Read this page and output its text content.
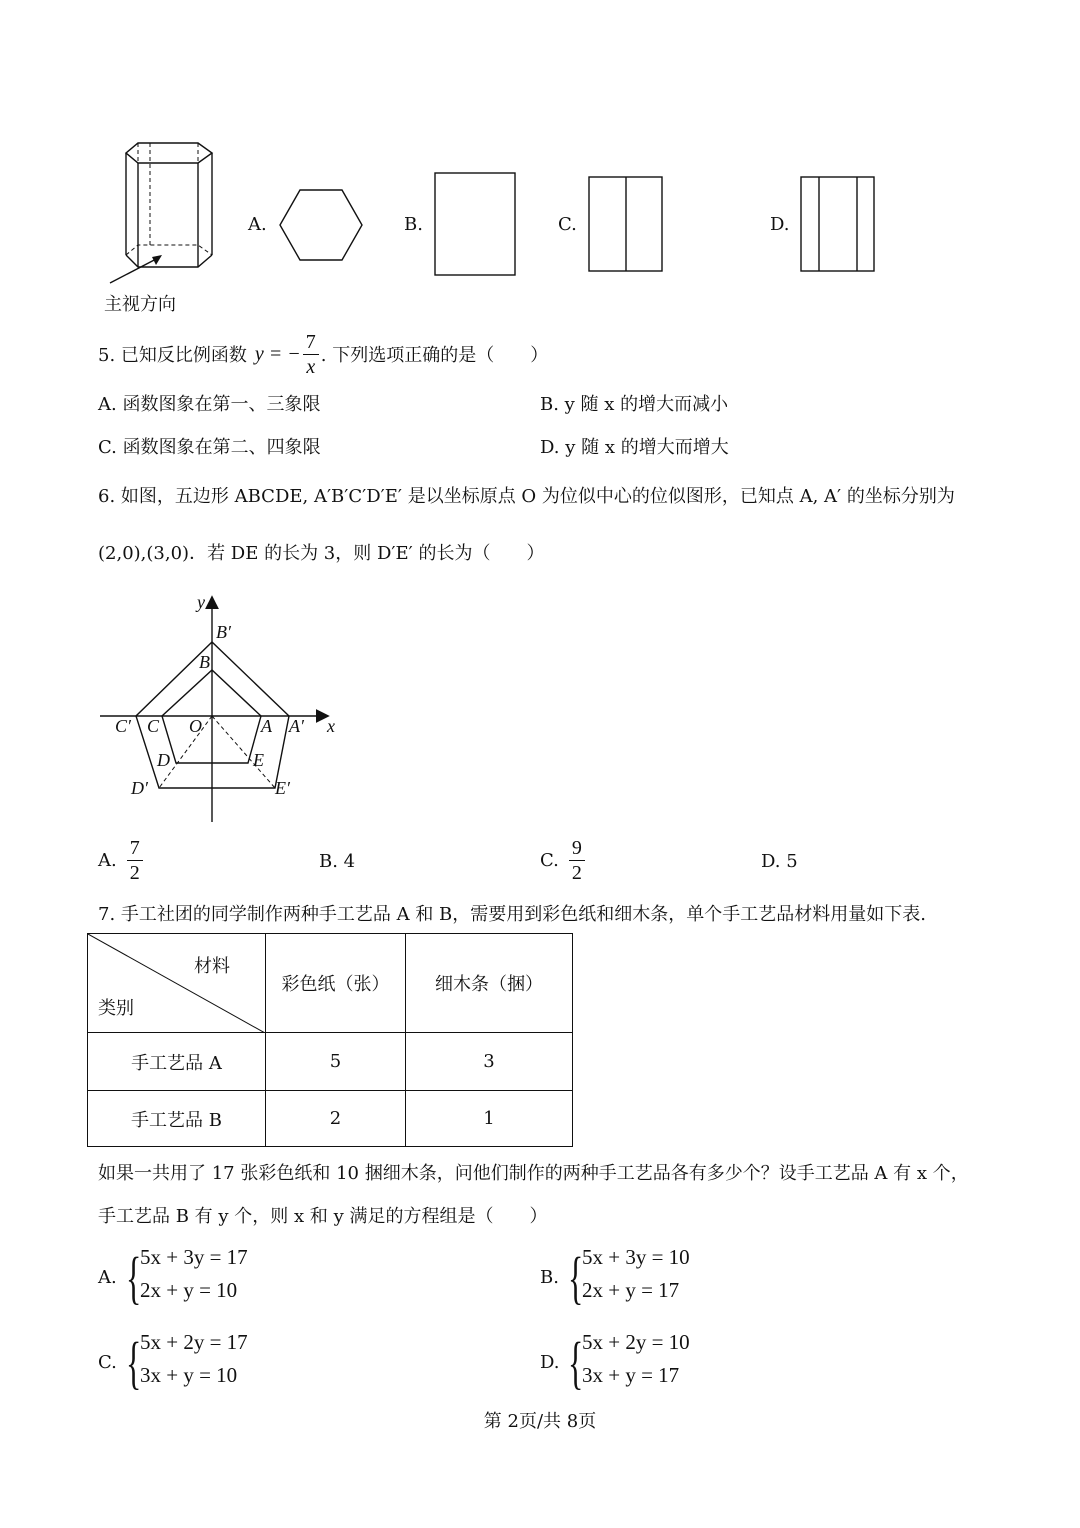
主视方向
A.	B.	C.	D.
5. 已知反比例函数 y = − $\frac{7}{x}$ . 下列选项正确的是（　　）
A. 函数图象在第一、三象限	B. y 随 x 的增大而减小
C. 函数图象在第二、四象限	D. y 随 x 的增大而增大
6. 如图，五边形 ABCDE, A′B′C′D′E′ 是以坐标原点 O 为位似中心的位似图形，已知点 A, A′ 的坐标分别为
(2,0),(3,0)．若 DE 的长为 3，则 D′E′ 的长为（　　）
y
x
B′
B
C′ C O	A A′
D	E
D′	E′
A. $\frac{7}{2}$	B. 4	C. $\frac{9}{2}$	D. 5
7. 手工社团的同学制作两种手工艺品 A 和 B，需要用到彩色纸和细木条，单个手工艺品材料用量如下表.
材料
类别	彩色纸（张）	细木条（捆）
手工艺品 A	5	3
手工艺品 B	2	1
如果一共用了 17 张彩色纸和 10 捆细木条，问他们制作的两种手工艺品各有多少个？设手工艺品 A 有 x 个，
手工艺品 B 有 y 个，则 x 和 y 满足的方程组是（　　）
A. {
5x + 3y = 17
2x + y = 10
B. {
5x + 3y = 10
2x + y = 17
C. {
5x + 2y = 17
3x + y = 10
D. {
5x + 2y = 10
3x + y = 17
第 2页/共 8页
